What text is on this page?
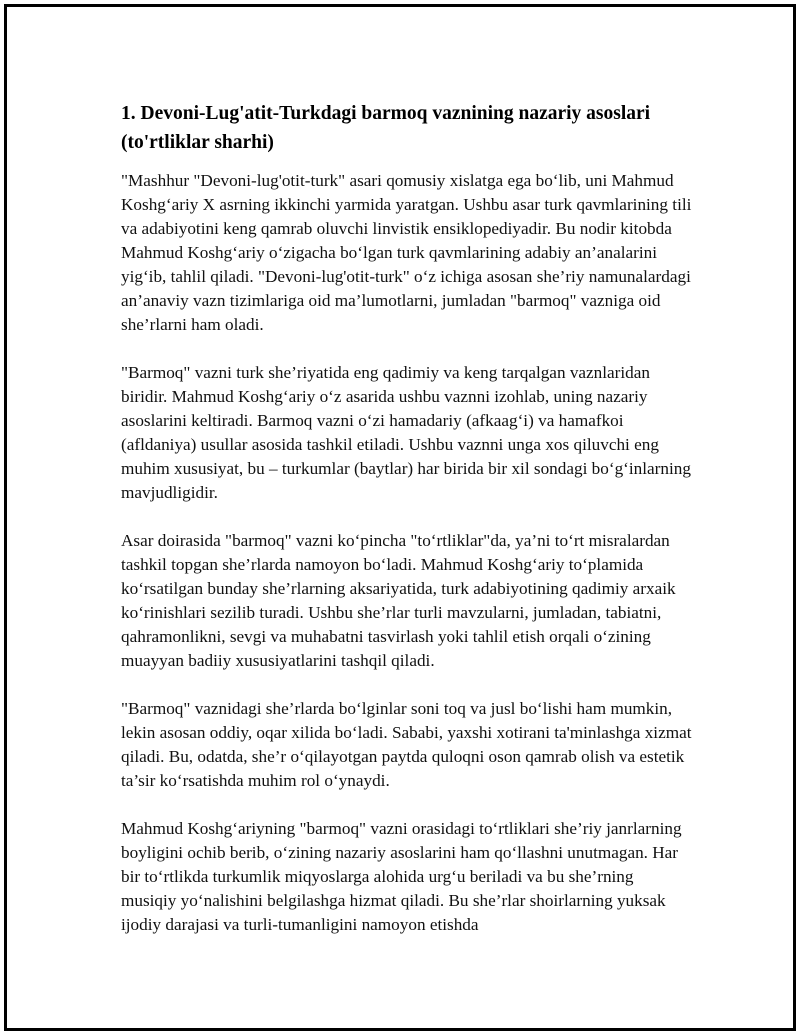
1. Devoni-Lug'atit-Turkdagi barmoq vaznining nazariy asoslari (to'rtliklar sharhi)

"Mashhur "Devoni-lug'otit-turk" asari qomusiy xislatga ega bo‘lib, uni Mahmud Koshg‘ariy X asrning ikkinchi yarmida yaratgan. Ushbu asar turk qavmlarining tili va adabiyotini keng qamrab oluvchi linvistik ensiklopediyadir. Bu nodir kitobda Mahmud Koshg‘ariy o‘zigacha bo‘lgan turk qavmlarining adabiy an’analarini yig‘ib, tahlil qiladi. "Devoni-lug'otit-turk" o‘z ichiga asosan she’riy namunalardagi an’anaviy vazn tizimlariga oid ma’lumotlarni, jumladan "barmoq" vazniga oid she’rlarni ham oladi.

"Barmoq" vazni turk she’riyatida eng qadimiy va keng tarqalgan vaznlaridan biridir. Mahmud Koshg‘ariy o‘z asarida ushbu vaznni izohlab, uning nazariy asoslarini keltiradi. Barmoq vazni o‘zi hamadariy (afkaag‘i) va hamafkoi (afldaniya) usullar asosida tashkil etiladi. Ushbu vaznni unga xos qiluvchi eng muhim xususiyat, bu – turkumlar (baytlar) har birida bir xil sondagi bo‘g‘inlarning mavjudligidir.

Asar doirasida "barmoq" vazni ko‘pincha "to‘rtliklar"da, ya’ni to‘rt misralardan tashkil topgan she’rlarda namoyon bo‘ladi. Mahmud Koshg‘ariy to‘plamida ko‘rsatilgan bunday she’rlarning aksariyatida, turk adabiyotining qadimiy arxaik ko‘rinishlari sezilib turadi. Ushbu she’rlar turli mavzularni, jumladan, tabiatni, qahramonlikni, sevgi va muhabatni tasvirlash yoki tahlil etish orqali o‘zining muayyan badiiy xususiyatlarini tashqil qiladi.

"Barmoq" vaznidagi she’rlarda bo‘lginlar soni toq va jusl bo‘lishi ham mumkin, lekin asosan oddiy, oqar xilida bo‘ladi. Sababi, yaxshi xotirani ta'minlashga xizmat qiladi. Bu, odatda, she’r o‘qilayotgan paytda quloqni oson qamrab olish va estetik ta’sir ko‘rsatishda muhim rol o‘ynaydi.

Mahmud Koshg‘ariyning "barmoq" vazni orasidagi to‘rtliklari she’riy janrlarning boyligini ochib berib, o‘zining nazariy asoslarini ham qo‘llashni unutmagan. Har bir to‘rtlikda turkumlik miqyoslarga alohida urg‘u beriladi va bu she’rning musiqiy yo‘nalishini belgilashga hizmat qiladi. Bu she’rlar shoirlarning yuksak ijodiy darajasi va turli-tumanligini namoyon etishda
